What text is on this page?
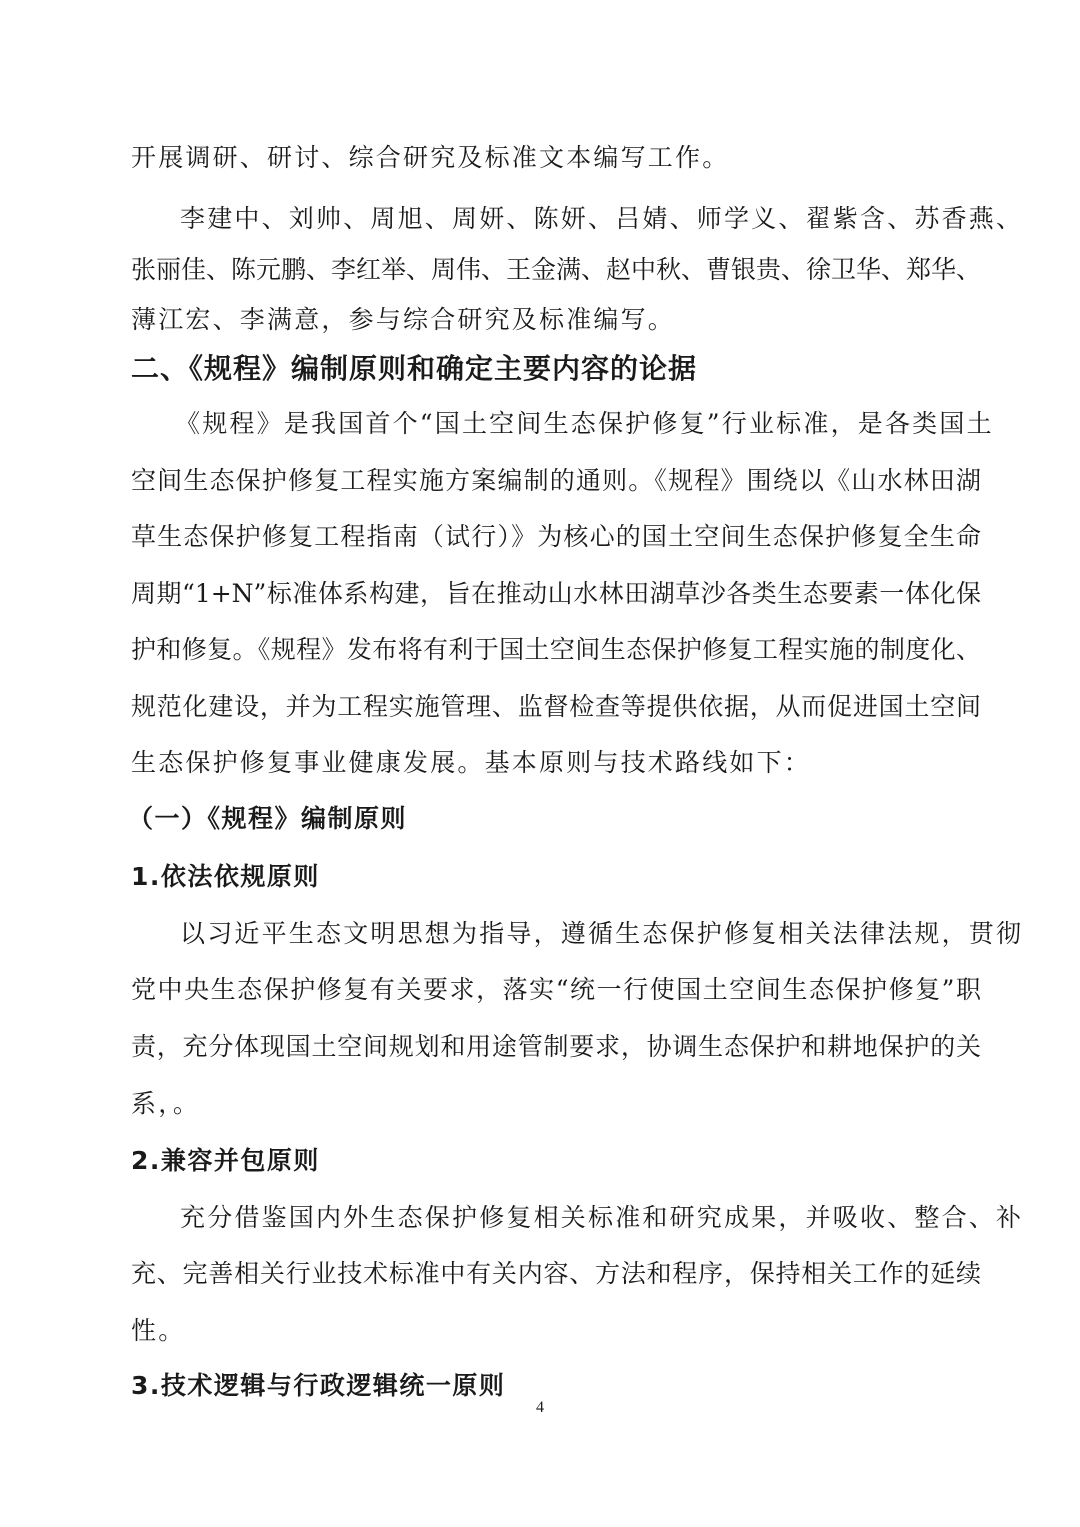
开展调研、研讨、综合研究及标准文本编写工作。
李建中、刘帅、周旭、周妍、陈妍、吕婧、师学义、翟紫含、苏香燕、
张丽佳、陈元鹏、李红举、周伟、王金满、赵中秋、曹银贵、徐卫华、郑华、
薄江宏、李满意，参与综合研究及标准编写。
二、《规程》编制原则和确定主要内容的论据
《规程》是我国首个“国土空间生态保护修复”行业标准，是各类国土
空间生态保护修复工程实施方案编制的通则。《规程》围绕以《山水林田湖
草生态保护修复工程指南（试行）》为核心的国土空间生态保护修复全生命
周期“1+N”标准体系构建，旨在推动山水林田湖草沙各类生态要素一体化保
护和修复。《规程》发布将有利于国土空间生态保护修复工程实施的制度化、
规范化建设，并为工程实施管理、监督检查等提供依据，从而促进国土空间
生态保护修复事业健康发展。基本原则与技术路线如下：
（一）《规程》编制原则
1.依法依规原则
以习近平生态文明思想为指导，遵循生态保护修复相关法律法规，贯彻
党中央生态保护修复有关要求，落实“统一行使国土空间生态保护修复”职
责，充分体现国土空间规划和用途管制要求，协调生态保护和耕地保护的关
系，。
2.兼容并包原则
充分借鉴国内外生态保护修复相关标准和研究成果，并吸收、整合、补
充、完善相关行业技术标准中有关内容、方法和程序，保持相关工作的延续
性。
3.技术逻辑与行政逻辑统一原则
4
